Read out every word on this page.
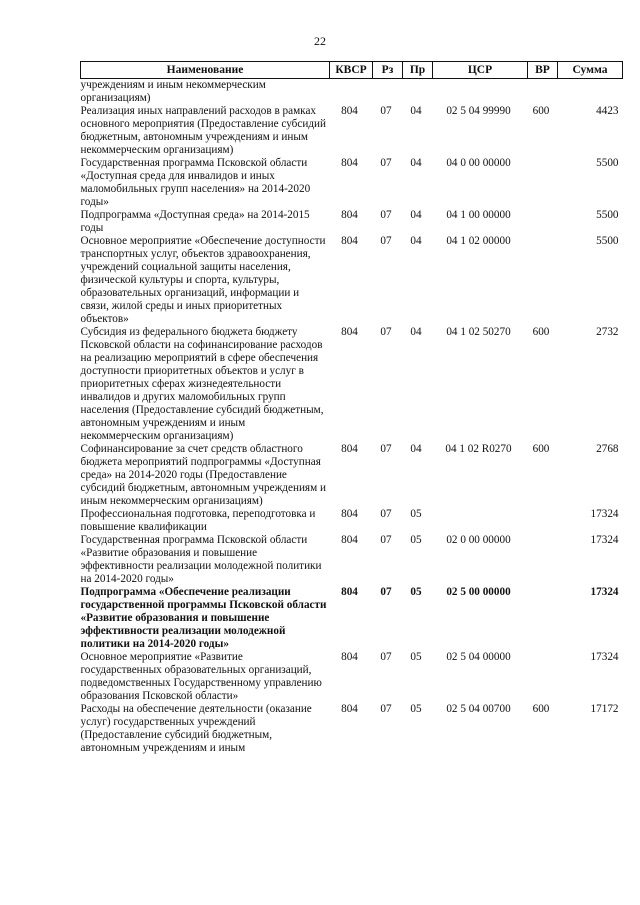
22
Наименование	КВСР	Рз	Пр	ЦСР	ВР	Сумма
учреждениям и иным некоммерческим организациям)						
Реализация иных направлений расходов в рамках основного мероприятия (Предоставление субсидий бюджетным, автономным учреждениям и иным некоммерческим организациям)	804	07	04	02 5 04 99990	600	4423
Государственная программа Псковской области «Доступная среда для инвалидов и иных маломобильных групп населения» на 2014-2020 годы»	804	07	04	04 0 00 00000		5500
Подпрограмма «Доступная среда» на 2014-2015 годы	804	07	04	04 1 00 00000		5500
Основное мероприятие «Обеспечение доступности транспортных услуг, объектов здравоохранения, учреждений социальной защиты населения, физической культуры и спорта, культуры, образовательных организаций, информации и связи, жилой среды и иных приоритетных объектов»	804	07	04	04 1 02 00000		5500
Субсидия из федерального бюджета бюджету Псковской области на софинансирование расходов на реализацию мероприятий в сфере обеспечения доступности приоритетных объектов и услуг в приоритетных сферах жизнедеятельности инвалидов и других маломобильных групп населения (Предоставление субсидий бюджетным, автономным учреждениям и иным некоммерческим организациям)	804	07	04	04 1 02 50270	600	2732
Софинансирование за счет средств областного бюджета мероприятий подпрограммы «Доступная среда» на 2014-2020 годы (Предоставление субсидий бюджетным, автономным учреждениям и иным некоммерческим организациям)	804	07	04	04 1 02 R0270	600	2768
Профессиональная подготовка, переподготовка и повышение квалификации	804	07	05			17324
Государственная программа Псковской области «Развитие образования и повышение эффективности реализации молодежной политики на 2014-2020 годы»	804	07	05	02 0 00 00000		17324
Подпрограмма «Обеспечение реализации государственной программы Псковской области «Развитие образования и повышение эффективности реализации молодежной политики на 2014-2020 годы»	804	07	05	02 5 00 00000		17324
Основное мероприятие «Развитие государственных образовательных организаций, подведомственных Государственному управлению образования Псковской области»	804	07	05	02 5 04 00000		17324
Расходы на обеспечение деятельности (оказание услуг) государственных учреждений (Предоставление субсидий бюджетным, автономным учреждениям и иным	804	07	05	02 5 04 00700	600	17172
